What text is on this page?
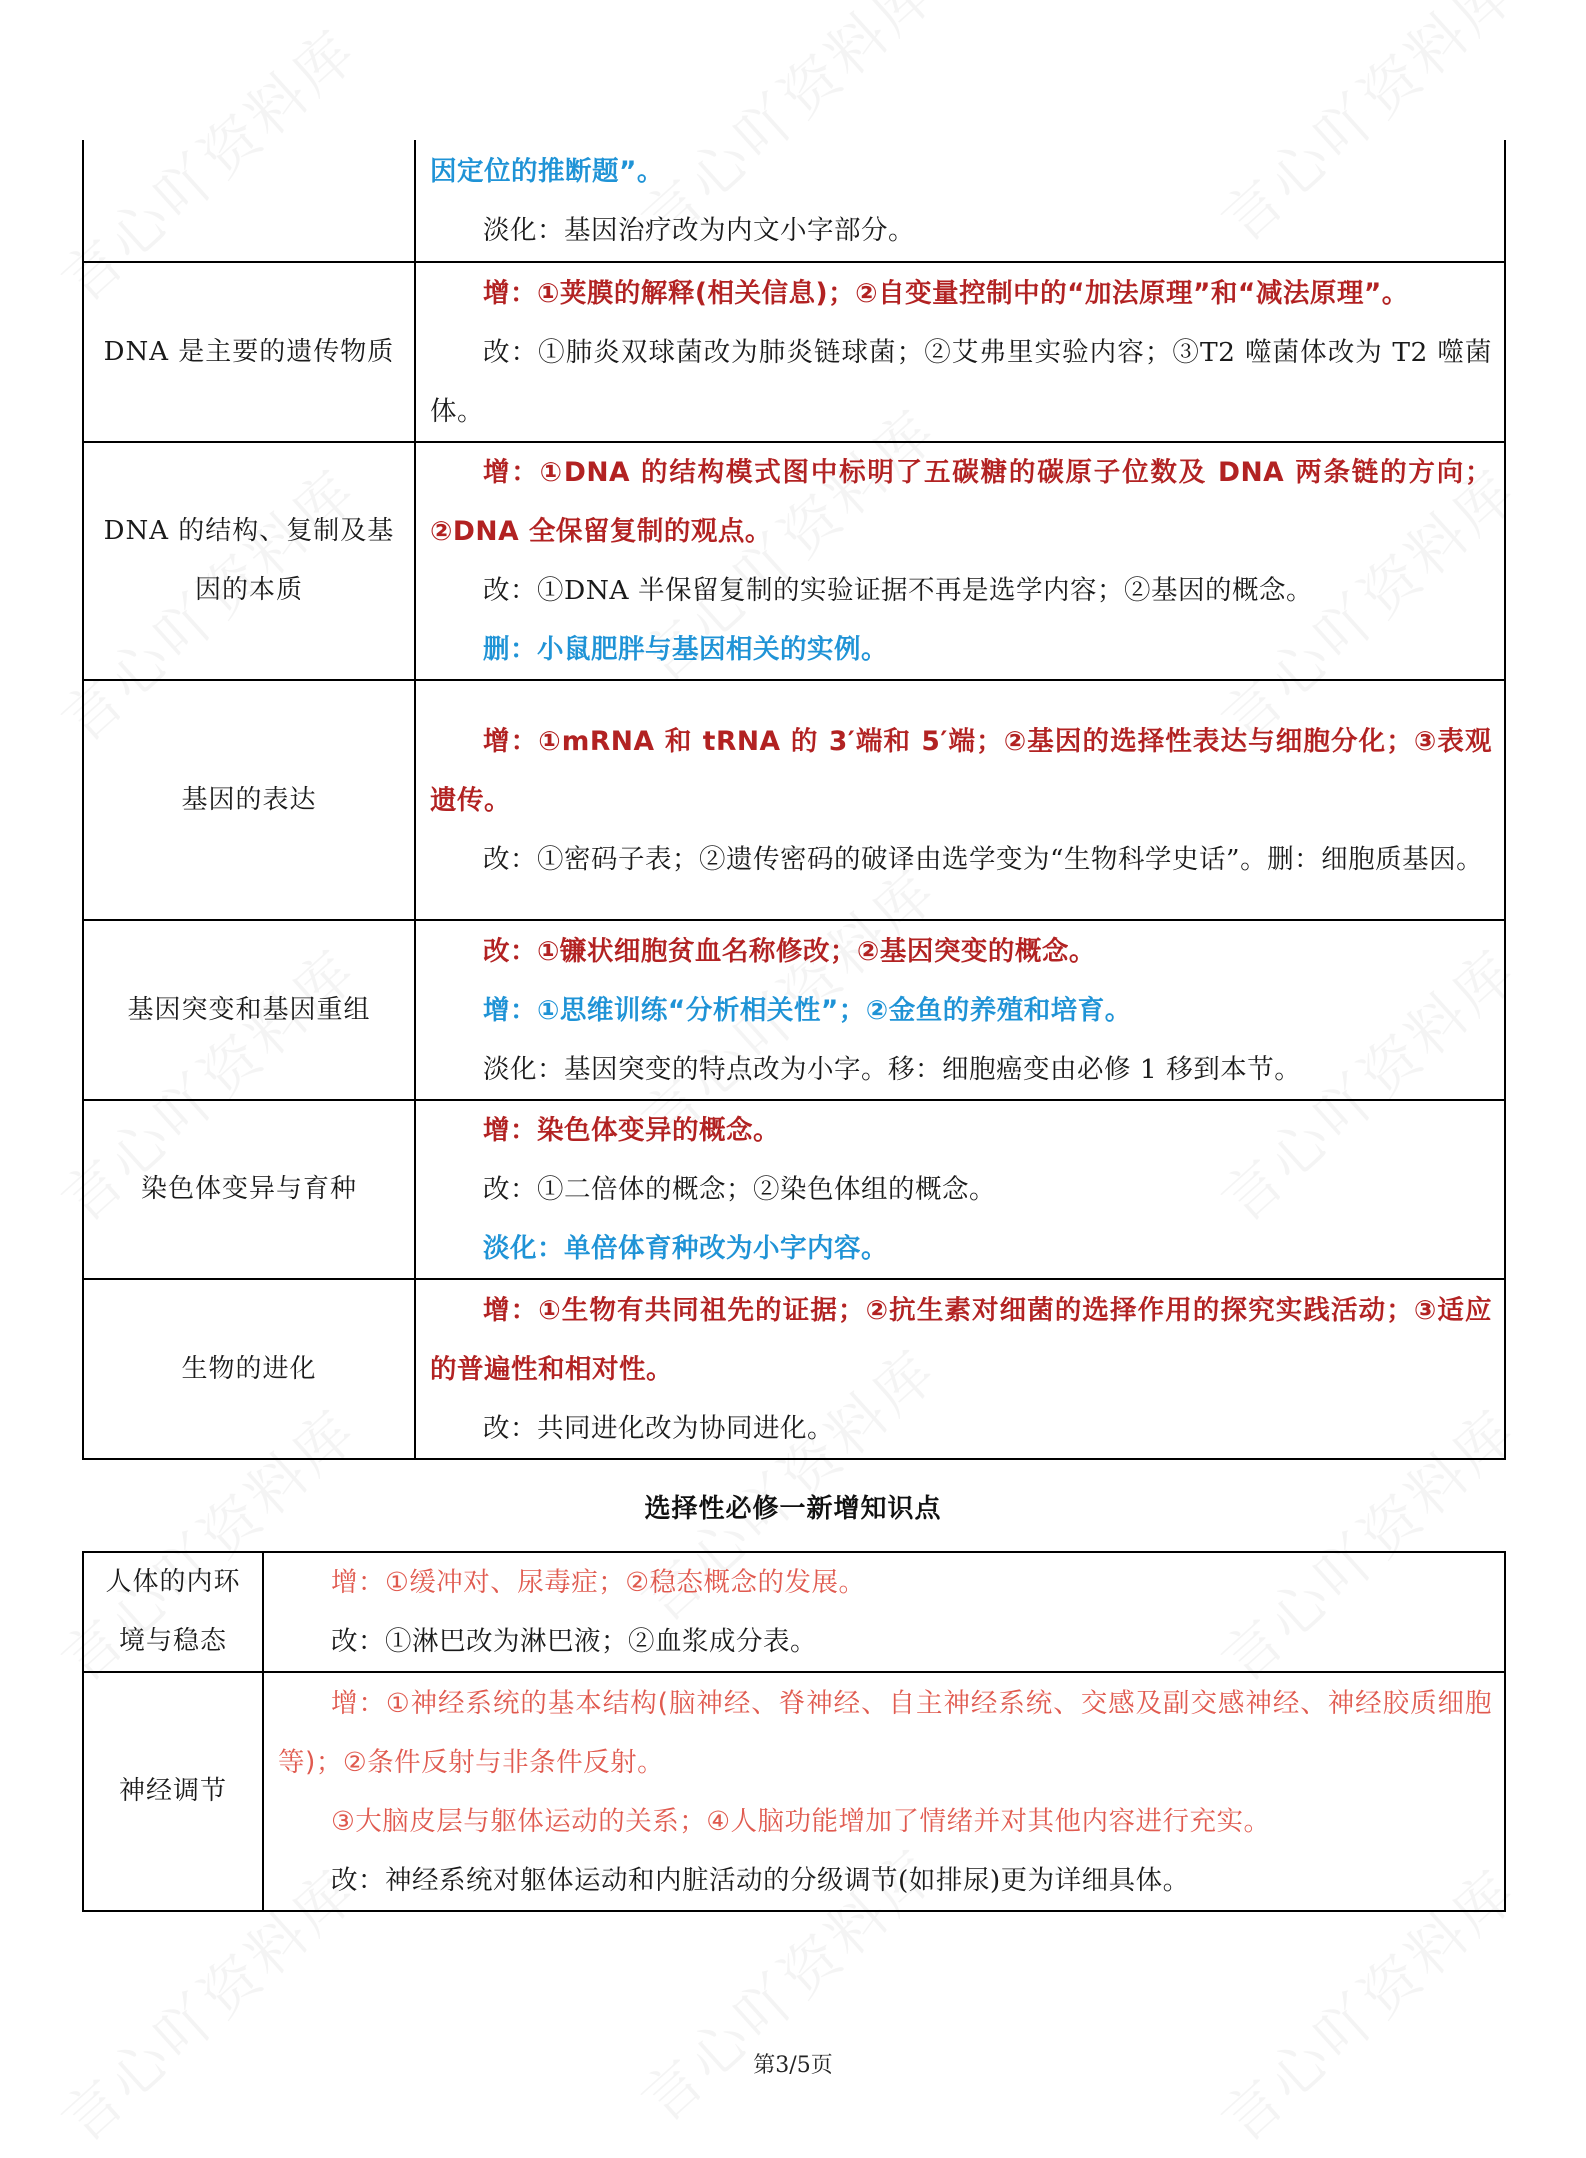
	因定位的推断题”。
淡化：基因治疗改为内文小字部分。

DNA 是主要的遗传物质	增：①荚膜的解释(相关信息)；②自变量控制中的“加法原理”和“减法原理”。
改：①肺炎双球菌改为肺炎链球菌；②艾弗里实验内容；③T2 噬菌体改为 T2 噬菌体。

DNA 的结构、复制及基因的本质	增：①DNA 的结构模式图中标明了五碳糖的碳原子位数及 DNA 两条链的方向；②DNA 全保留复制的观点。
改：①DNA 半保留复制的实验证据不再是选学内容；②基因的概念。
删：小鼠肥胖与基因相关的实例。

基因的表达	增：①mRNA 和 tRNA 的 3′端和 5′端；②基因的选择性表达与细胞分化；③表观遗传。
改：①密码子表；②遗传密码的破译由选学变为“生物科学史话”。删：细胞质基因。

基因突变和基因重组	改：①镰状细胞贫血名称修改；②基因突变的概念。
增：①思维训练“分析相关性”；②金鱼的养殖和培育。
淡化：基因突变的特点改为小字。移：细胞癌变由必修 1 移到本节。

染色体变异与育种	增：染色体变异的概念。
改：①二倍体的概念；②染色体组的概念。
淡化：单倍体育种改为小字内容。

生物的进化	增：①生物有共同祖先的证据；②抗生素对细菌的选择作用的探究实践活动；③适应的普遍性和相对性。
改：共同进化改为协同进化。
选择性必修一新增知识点
人体的内环境与稳态	增：①缓冲对、尿毒症；②稳态概念的发展。
改：①淋巴改为淋巴液；②血浆成分表。

神经调节	增：①神经系统的基本结构(脑神经、脊神经、自主神经系统、交感及副交感神经、神经胶质细胞等)；②条件反射与非条件反射。
③大脑皮层与躯体运动的关系；④人脑功能增加了情绪并对其他内容进行充实。
改：神经系统对躯体运动和内脏活动的分级调节(如排尿)更为详细具体。
第3/5页
